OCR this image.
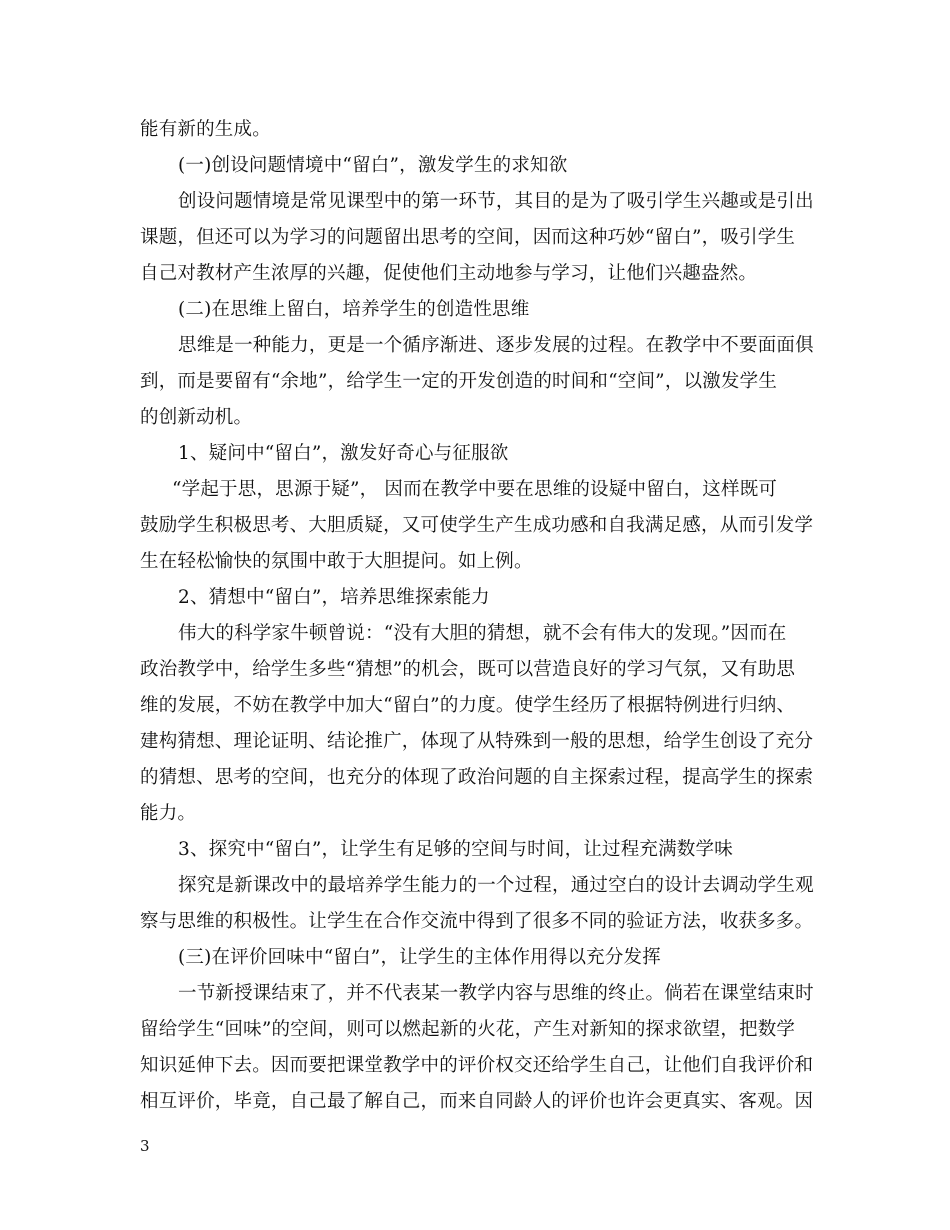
能有新的生成。
(一)创设问题情境中“留白”，激发学生的求知欲
创设问题情境是常见课型中的第一环节，其目的是为了吸引学生兴趣或是引出
课题，但还可以为学习的问题留出思考的空间，因而这种巧妙“留白”，吸引学生
自己对教材产生浓厚的兴趣，促使他们主动地参与学习，让他们兴趣盎然。
(二)在思维上留白，培养学生的创造性思维
思维是一种能力，更是一个循序渐进、逐步发展的过程。在教学中不要面面俱
到，而是要留有“余地”，给学生一定的开发创造的时间和“空间”，以激发学生
的创新动机。
1、疑问中“留白”，激发好奇心与征服欲
“学起于思，思源于疑”， 因而在教学中要在思维的设疑中留白，这样既可
鼓励学生积极思考、大胆质疑，又可使学生产生成功感和自我满足感，从而引发学
生在轻松愉快的氛围中敢于大胆提问。如上例。
2、猜想中“留白”，培养思维探索能力
伟大的科学家牛顿曾说：“没有大胆的猜想，就不会有伟大的发现。”因而在
政治教学中，给学生多些“猜想”的机会，既可以营造良好的学习气氛，又有助思
维的发展，不妨在教学中加大“留白”的力度。使学生经历了根据特例进行归纳、
建构猜想、理论证明、结论推广，体现了从特殊到一般的思想，给学生创设了充分
的猜想、思考的空间，也充分的体现了政治问题的自主探索过程，提高学生的探索
能力。
3、探究中“留白”，让学生有足够的空间与时间，让过程充满数学味
探究是新课改中的最培养学生能力的一个过程，通过空白的设计去调动学生观
察与思维的积极性。让学生在合作交流中得到了很多不同的验证方法，收获多多。
(三)在评价回味中“留白”，让学生的主体作用得以充分发挥
一节新授课结束了，并不代表某一教学内容与思维的终止。倘若在课堂结束时
留给学生“回味”的空间，则可以燃起新的火花，产生对新知的探求欲望，把数学
知识延伸下去。因而要把课堂教学中的评价权交还给学生自己，让他们自我评价和
相互评价，毕竟，自己最了解自己，而来自同龄人的评价也许会更真实、客观。因
3
